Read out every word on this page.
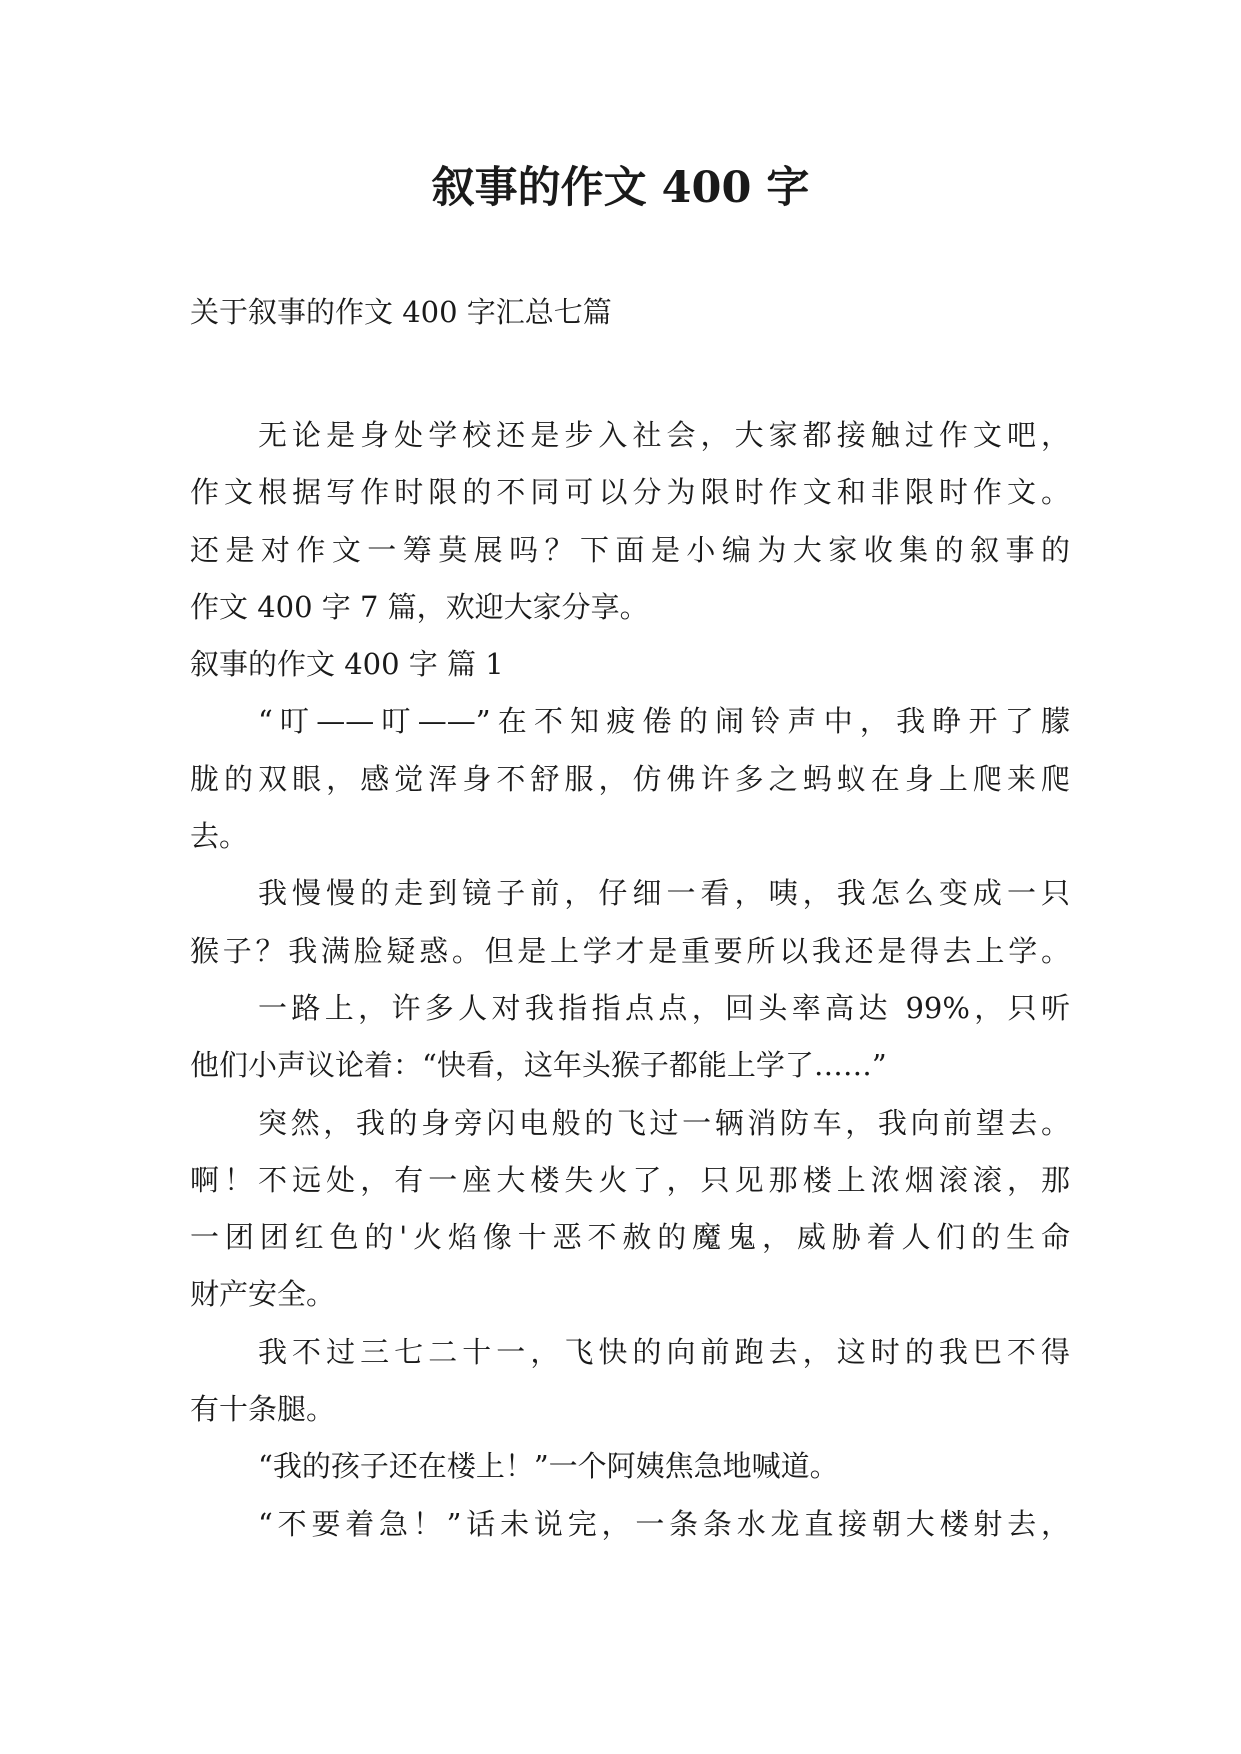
叙事的作文 400 字
关于叙事的作文 400 字汇总七篇
无论是身处学校还是步入社会，大家都接触过作文吧，
作文根据写作时限的不同可以分为限时作文和非限时作文。
还是对作文一筹莫展吗？下面是小编为大家收集的叙事的
作文 400 字 7 篇，欢迎大家分享。
叙事的作文 400 字 篇 1
“叮——叮——”在不知疲倦的闹铃声中，我睁开了朦
胧的双眼，感觉浑身不舒服，仿佛许多之蚂蚁在身上爬来爬
去。
我慢慢的走到镜子前，仔细一看，咦，我怎么变成一只
猴子？我满脸疑惑。但是上学才是重要所以我还是得去上学。
一路上，许多人对我指指点点，回头率高达 99%，只听
他们小声议论着：“快看，这年头猴子都能上学了……”
突然，我的身旁闪电般的飞过一辆消防车，我向前望去。
啊！不远处，有一座大楼失火了，只见那楼上浓烟滚滚，那
一团团红色的'火焰像十恶不赦的魔鬼，威胁着人们的生命
财产安全。
我不过三七二十一，飞快的向前跑去，这时的我巴不得
有十条腿。
“我的孩子还在楼上！”一个阿姨焦急地喊道。
“不要着急！”话未说完，一条条水龙直接朝大楼射去，
